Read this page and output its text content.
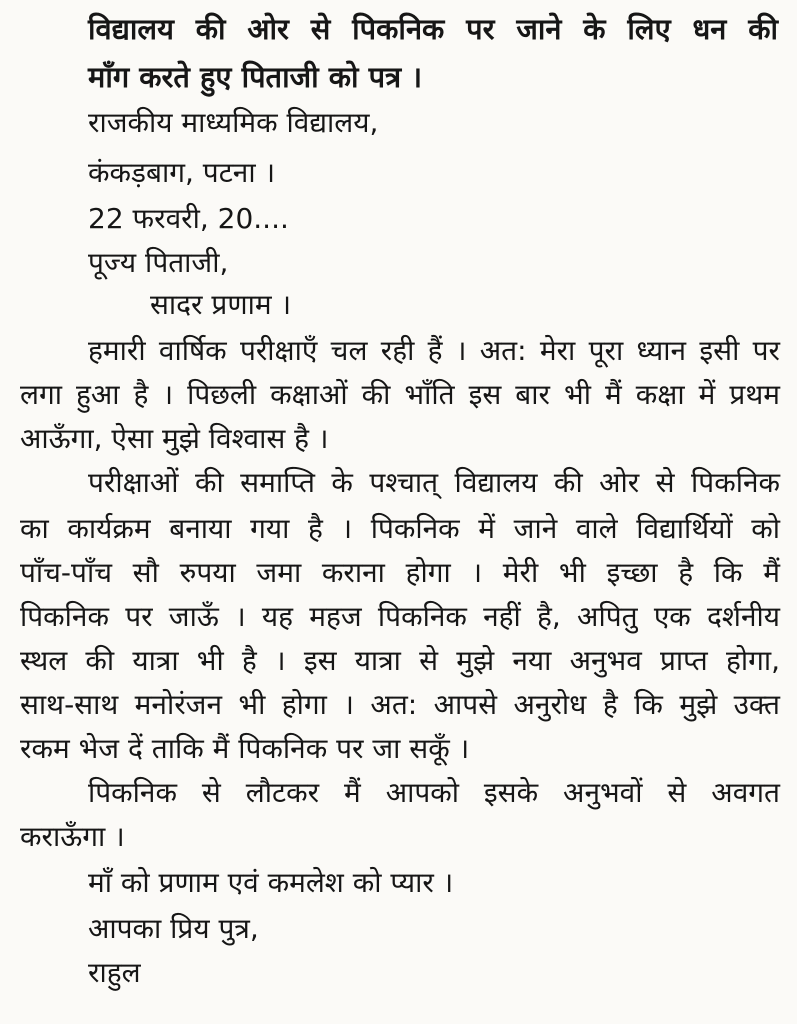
विद्यालय की ओर से पिकनिक पर जाने के लिए धन की

माँग करते हुए पिताजी को पत्र ।

राजकीय माध्यमिक विद्यालय,

कंकड़बाग, पटना ।

22 फरवरी, 20....

पूज्य पिताजी,

सादर प्रणाम ।

हमारी वार्षिक परीक्षाएँ चल रही हैं । अत: मेरा पूरा ध्यान इसी पर

लगा हुआ है । पिछली कक्षाओं की भाँति इस बार भी मैं कक्षा में प्रथम

आऊँगा, ऐसा मुझे विश्वास है ।

परीक्षाओं की समाप्ति के पश्चात् विद्यालय की ओर से पिकनिक

का कार्यक्रम बनाया गया है । पिकनिक में जाने वाले विद्यार्थियों को

पाँच-पाँच सौ रुपया जमा कराना होगा । मेरी भी इच्छा है कि मैं

पिकनिक पर जाऊँ । यह महज पिकनिक नहीं है, अपितु एक दर्शनीय

स्थल की यात्रा भी है । इस यात्रा से मुझे नया अनुभव प्राप्त होगा,

साथ-साथ मनोरंजन भी होगा । अत: आपसे अनुरोध है कि मुझे उक्त

रकम भेज दें ताकि मैं पिकनिक पर जा सकूँ ।

पिकनिक से लौटकर मैं आपको इसके अनुभवों से अवगत

कराऊँगा ।

माँ को प्रणाम एवं कमलेश को प्यार ।

आपका प्रिय पुत्र,

राहुल
